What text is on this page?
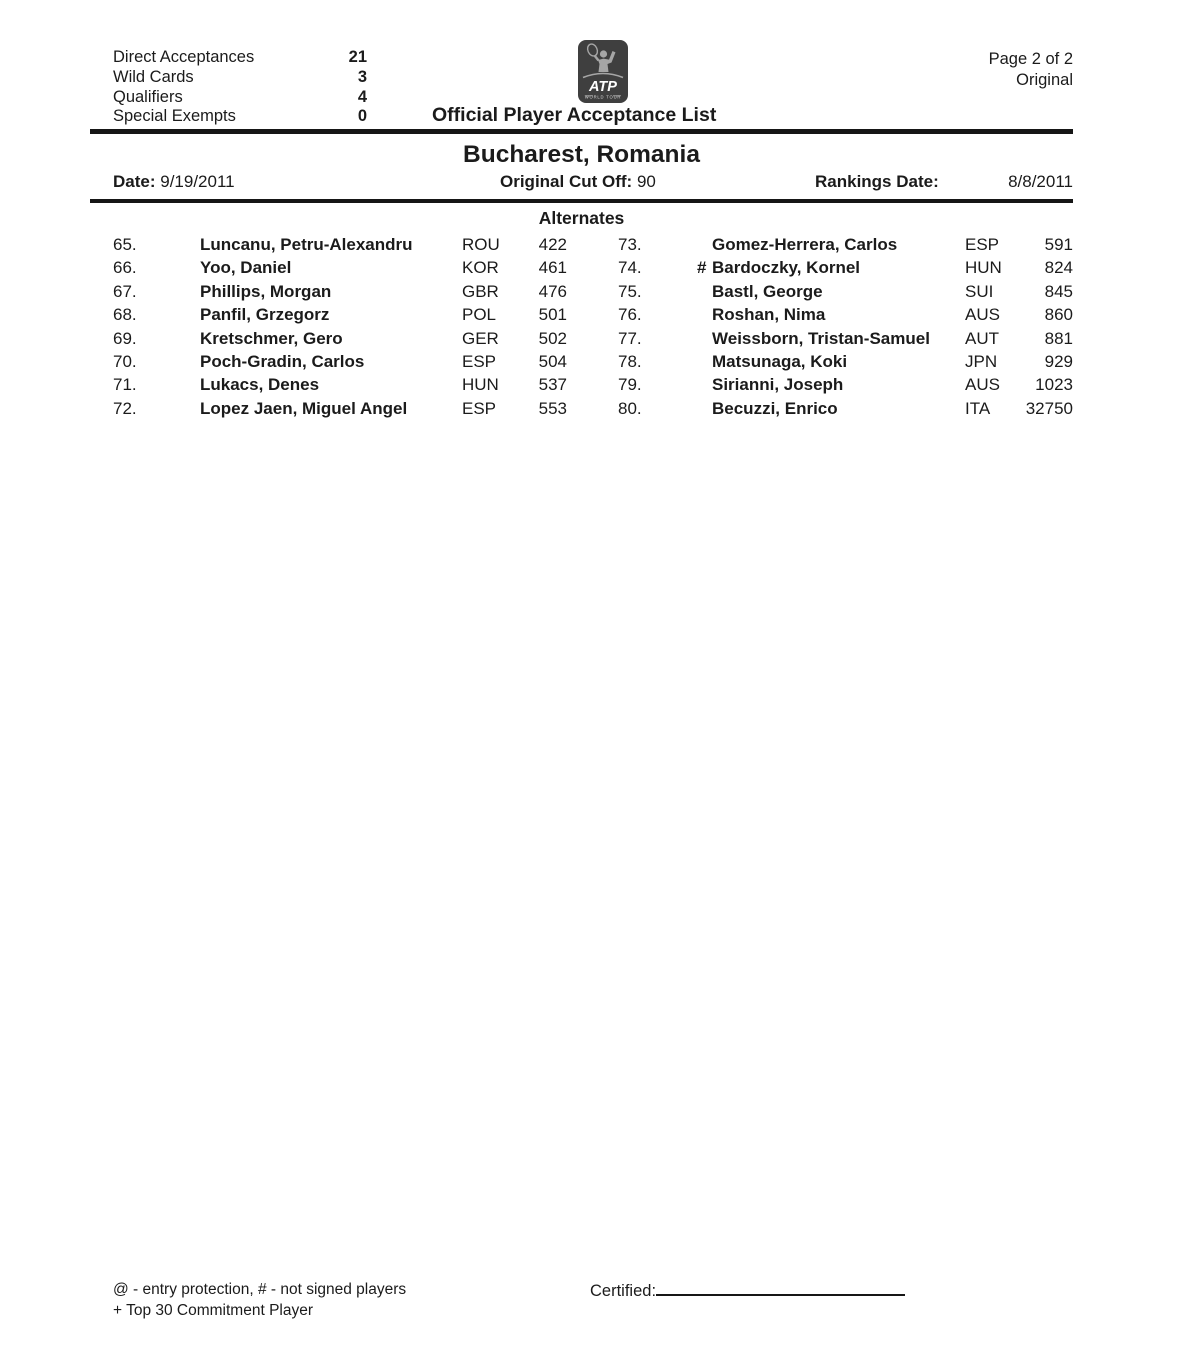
Direct Acceptances	21
Wild Cards	3
Qualifiers	4
Special Exempts	0
ATP
WORLD TOUR
Page 2 of 2
Original
Official Player Acceptance List
Bucharest, Romania
Date: 9/19/2011	Original Cut Off: 90	Rankings Date:	8/8/2011
Alternates
65.	Luncanu, Petru-Alexandru	ROU	422	73.	Gomez-Herrera, Carlos	ESP	591
66.	Yoo, Daniel	KOR	461	74.	# Bardoczky, Kornel	HUN	824
67.	Phillips, Morgan	GBR	476	75.	Bastl, George	SUI	845
68.	Panfil, Grzegorz	POL	501	76.	Roshan, Nima	AUS	860
69.	Kretschmer, Gero	GER	502	77.	Weissborn, Tristan-Samuel	AUT	881
70.	Poch-Gradin, Carlos	ESP	504	78.	Matsunaga, Koki	JPN	929
71.	Lukacs, Denes	HUN	537	79.	Sirianni, Joseph	AUS	1023
72.	Lopez Jaen, Miguel Angel	ESP	553	80.	Becuzzi, Enrico	ITA	32750
@ - entry protection, # - not signed players
+ Top 30 Commitment Player
Certified:
